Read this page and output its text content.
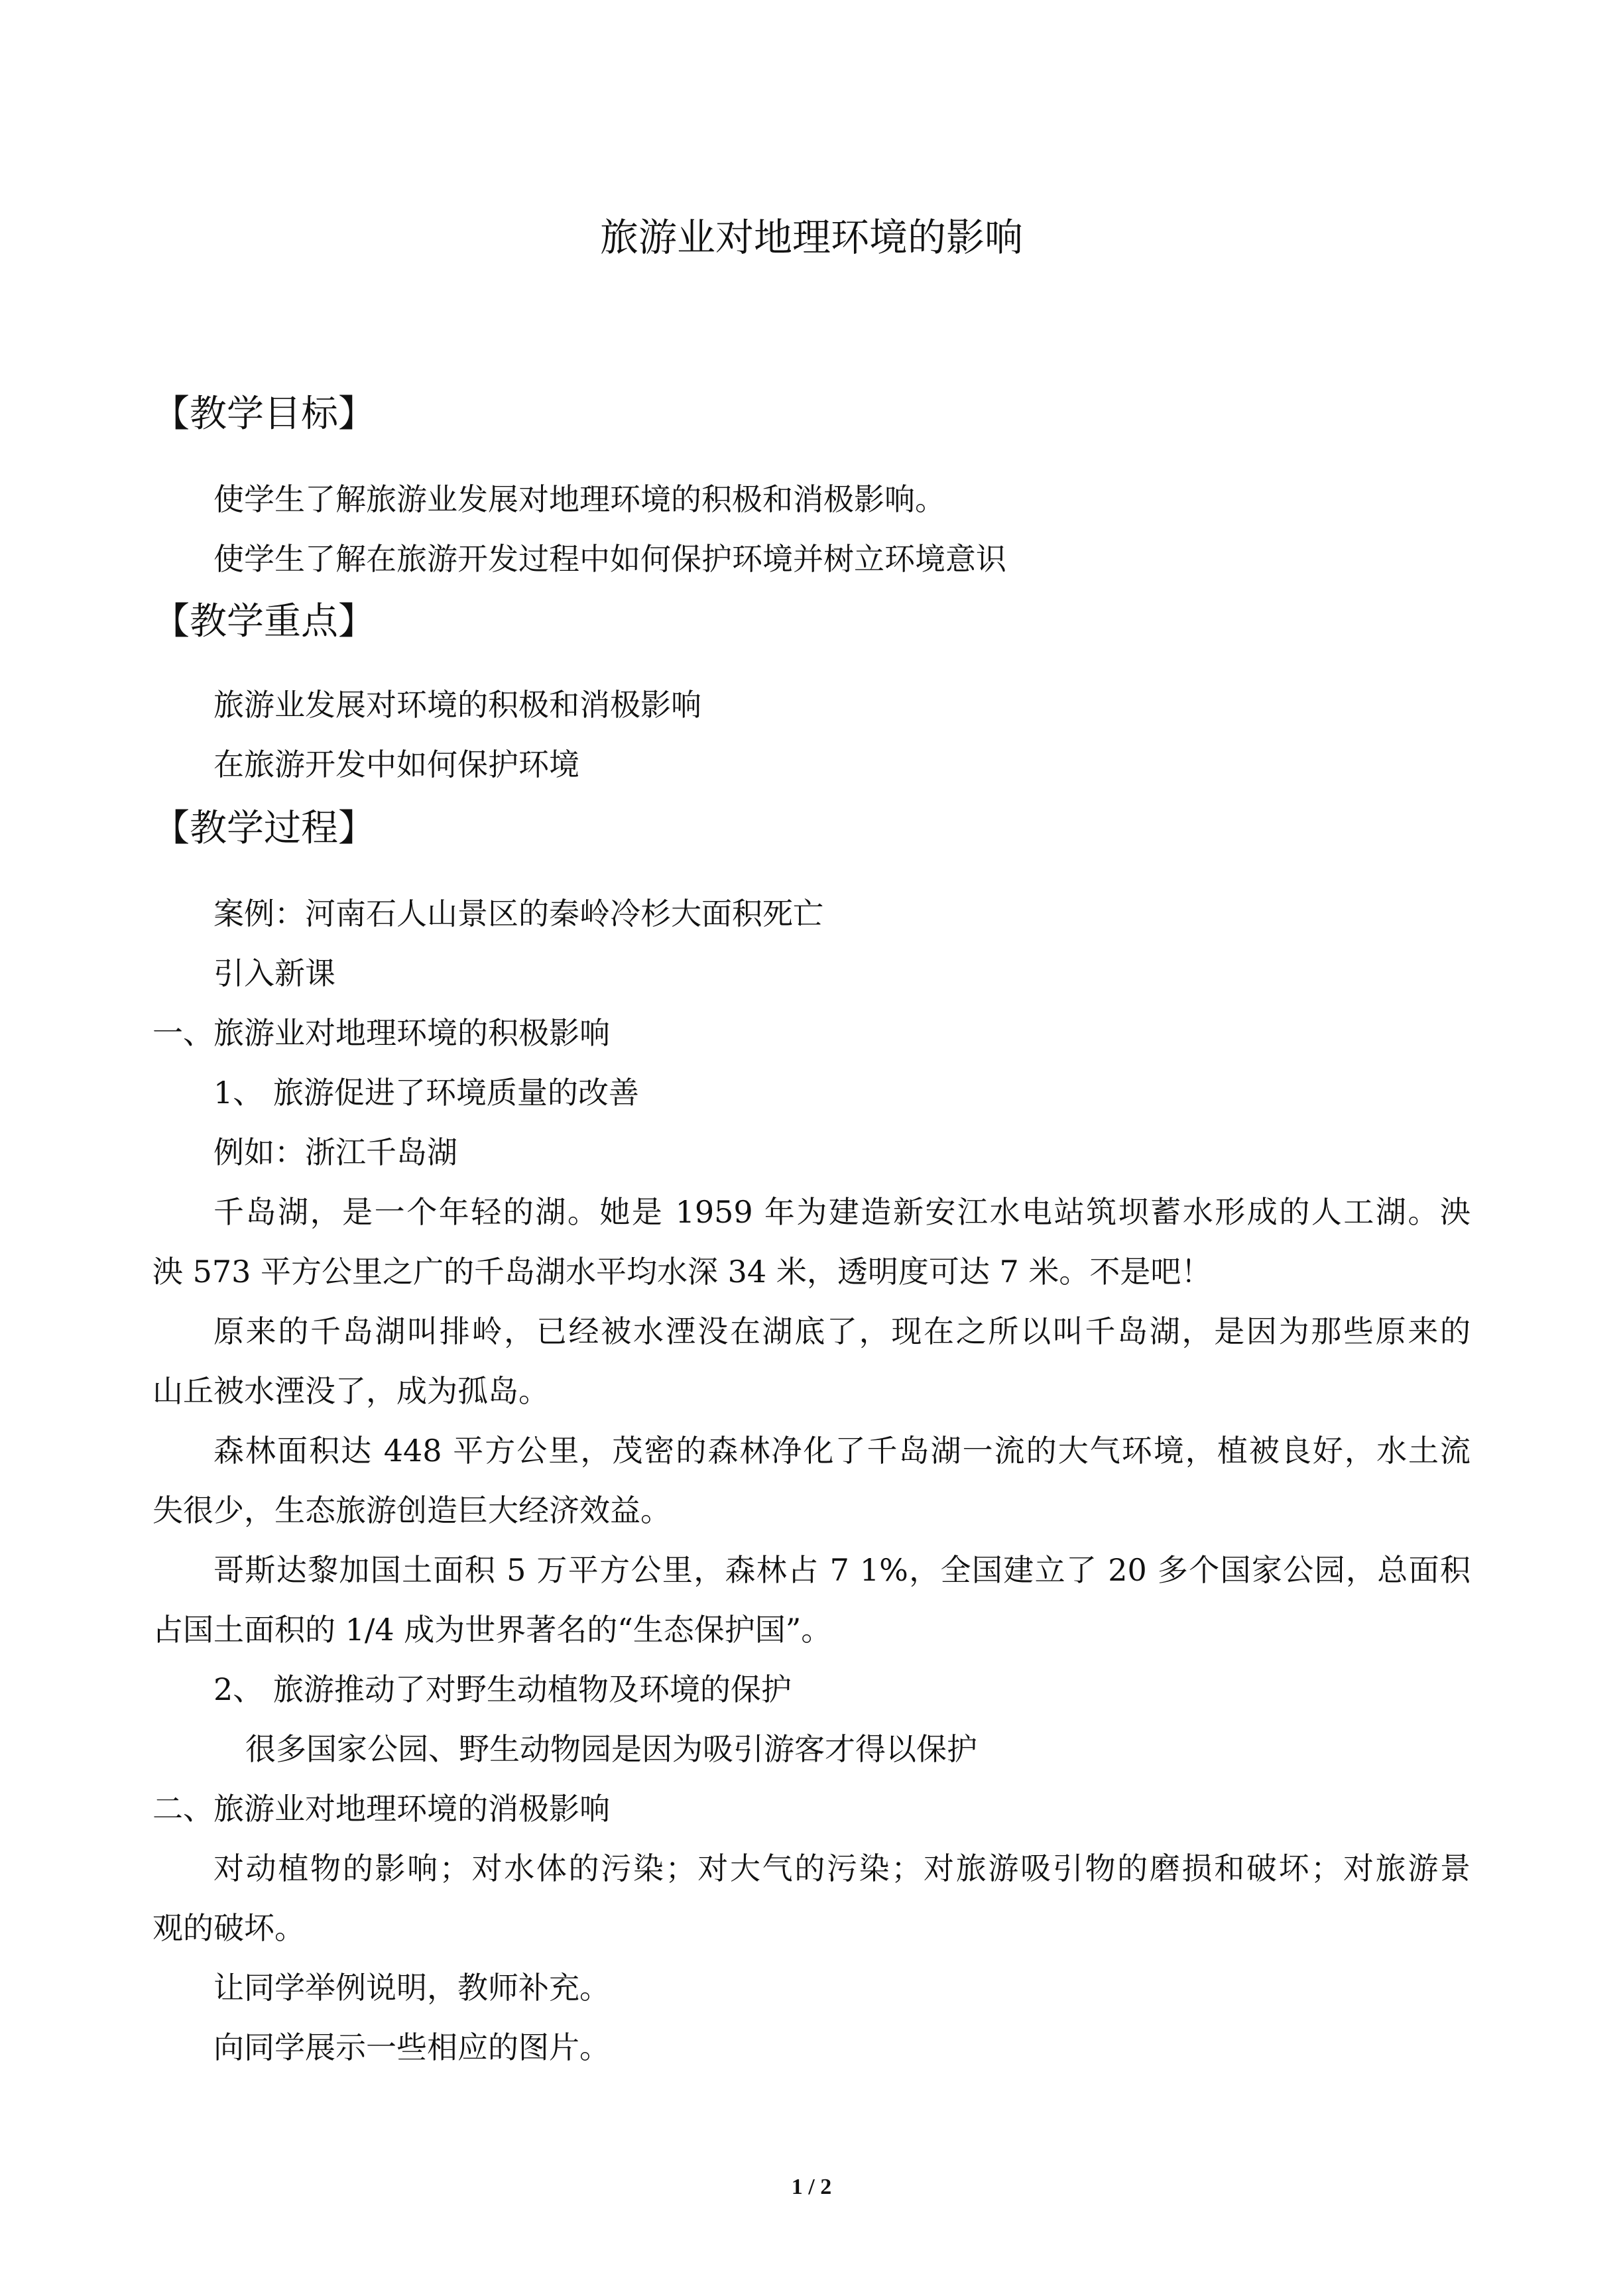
旅游业对地理环境的影响
【教学目标】

使学生了解旅游业发展对地理环境的积极和消极影响。

使学生了解在旅游开发过程中如何保护环境并树立环境意识

【教学重点】

旅游业发展对环境的积极和消极影响

在旅游开发中如何保护环境

【教学过程】

案例：河南石人山景区的秦岭冷杉大面积死亡

引入新课

一、旅游业对地理环境的积极影响

1、 旅游促进了环境质量的改善

例如：浙江千岛湖

千岛湖，是一个年轻的湖。她是 1959 年为建造新安江水电站筑坝蓄水形成的人工湖。泱

泱 573 平方公里之广的千岛湖水平均水深 34 米，透明度可达 7 米。不是吧！

原来的千岛湖叫排岭，已经被水湮没在湖底了，现在之所以叫千岛湖，是因为那些原来的

山丘被水湮没了，成为孤岛。

森林面积达 448 平方公里，茂密的森林净化了千岛湖一流的大气环境，植被良好，水土流

失很少，生态旅游创造巨大经济效益。

哥斯达黎加国土面积 5 万平方公里，森林占 7 1%，全国建立了 20 多个国家公园，总面积

占国土面积的 1/4 成为世界著名的“生态保护国”。

2、 旅游推动了对野生动植物及环境的保护

很多国家公园、野生动物园是因为吸引游客才得以保护

二、旅游业对地理环境的消极影响

对动植物的影响；对水体的污染；对大气的污染；对旅游吸引物的磨损和破坏；对旅游景

观的破坏。

让同学举例说明，教师补充。

向同学展示一些相应的图片。

1 / 2
